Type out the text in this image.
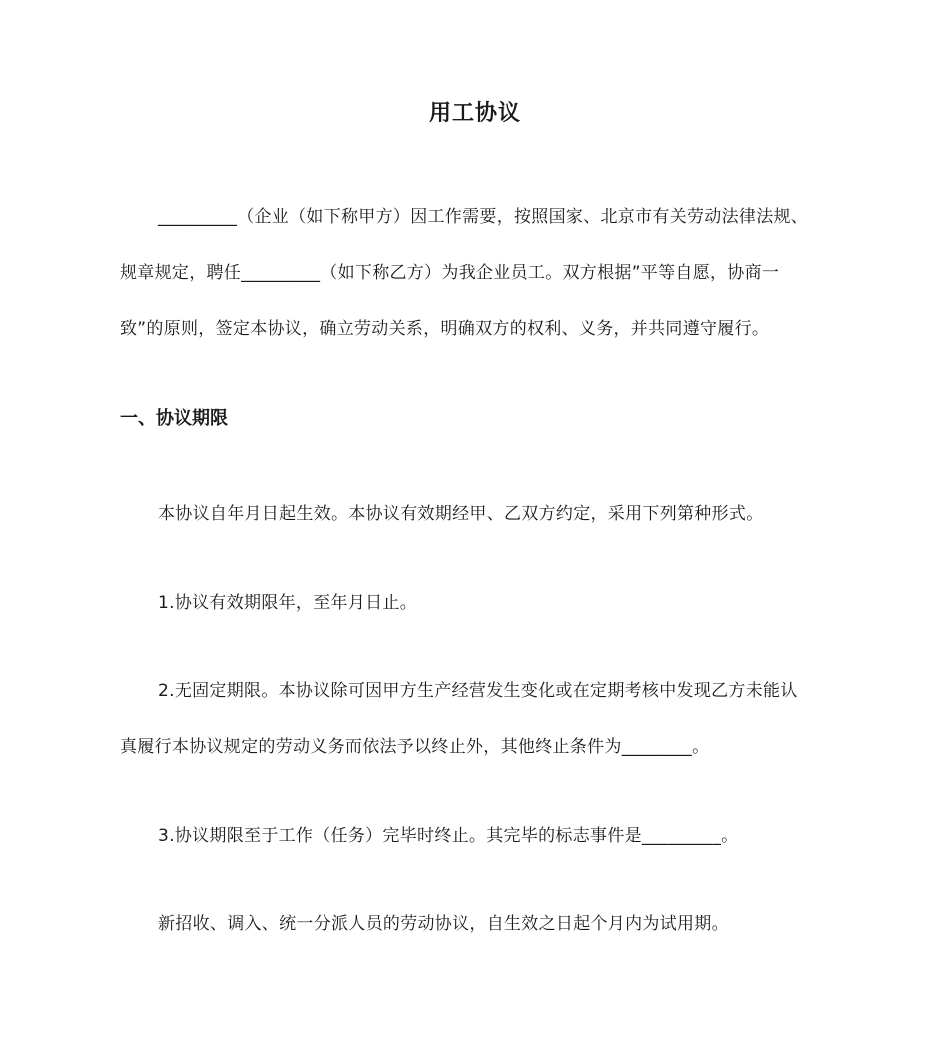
用工协议
_________（企业（如下称甲方）因工作需要，按照国家、北京市有关劳动法律法规、
规章规定，聘任_________（如下称乙方）为我企业员工。双方根据”平等自愿，协商一
致”的原则，签定本协议，确立劳动关系，明确双方的权利、义务，并共同遵守履行。
一、协议期限
本协议自年月日起生效。本协议有效期经甲、乙双方约定，采用下列第种形式。
1.协议有效期限年，至年月日止。
2.无固定期限。本协议除可因甲方生产经营发生变化或在定期考核中发现乙方未能认
真履行本协议规定的劳动义务而依法予以终止外，其他终止条件为________。
3.协议期限至于工作（任务）完毕时终止。其完毕的标志事件是_________。
新招收、调入、统一分派人员的劳动协议，自生效之日起个月内为试用期。
